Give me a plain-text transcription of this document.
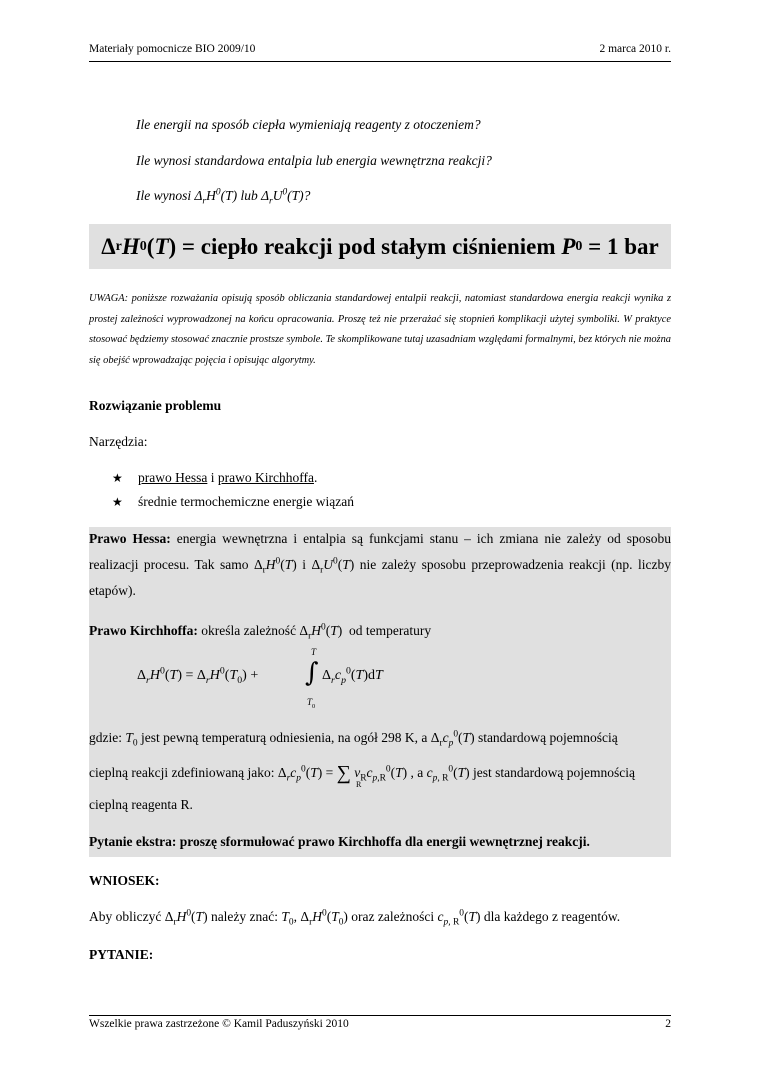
Materiały pomocnicze BIO 2009/10	2 marca 2010 r.
Ile energii na sposób ciepła wymieniają reagenty z otoczeniem?
Ile wynosi standardowa entalpia lub energia wewnętrzna reakcji?
Ile wynosi $\Delta_rH^0(T)$ lub $\Delta_rU^0(T)$?
Δ r H 0 ( T ) = ciepło reakcji pod stałym ciśnieniem P 0 = 1 bar
UWAGA: poniższe rozważania opisują sposób obliczania standardowej entalpii reakcji, natomiast standardowa energia reakcji wynika z prostej zależności wyprowadzonej na końcu opracowania. Proszę też nie przerażać się stopnień komplikacji użytej symboliki. W praktyce stosować będziemy stosować znacznie prostsze symbole. Te skomplikowane tutaj uzasadniam względami formalnymi, bez których nie można się obejść wprowadzając pojęcia i opisując algorytmy.
Rozwiązanie problemu
Narzędzia:
★ prawo Hessa i prawo Kirchhoffa.
★ średnie termochemiczne energie wiązań
Prawo Hessa: energia wewnętrzna i entalpia są funkcjami stanu – ich zmiana nie zależy od sposobu realizacji procesu. Tak samo $\Delta_rH^0(T)$ i $\Delta_rU^0(T)$ nie zależy sposobu przeprowadzenia reakcji (np. liczby etapów).
Prawo Kirchhoffa: określa zależność $\Delta_rH^0(T)$  od temperatury
$\Delta_rH^0(T) = \Delta_rH^0(T_0)$ + ∫
T
$T_0$
$\Delta_rc_p^0(T)dT$
gdzie: $T_0$ jest pewną temperaturą odniesienia, na ogół 298 K, a $\Delta_rc_p^0(T)$ standardową pojemnością
cieplną reakcji zdefiniowaną jako: $\Delta_rc_p^0(T)$ = ∑ $\nu_Rc_{p,R}^0(T)$ , a $c_{p, R}^0(T)$ jest standardową pojemnością
R
cieplną reagenta R.
Pytanie ekstra: proszę sformułować prawo Kirchhoffa dla energii wewnętrznej reakcji.
WNIOSEK:
Aby obliczyć $\Delta_rH^0(T)$ należy znać: $T_0$, $\Delta_rH^0(T_0)$ oraz zależności $c_{p,}$ $_R^0$(T) dla każdego z reagentów.
PYTANIE:
Wszelkie prawa zastrzeżone © Kamil Paduszyński 2010	2
